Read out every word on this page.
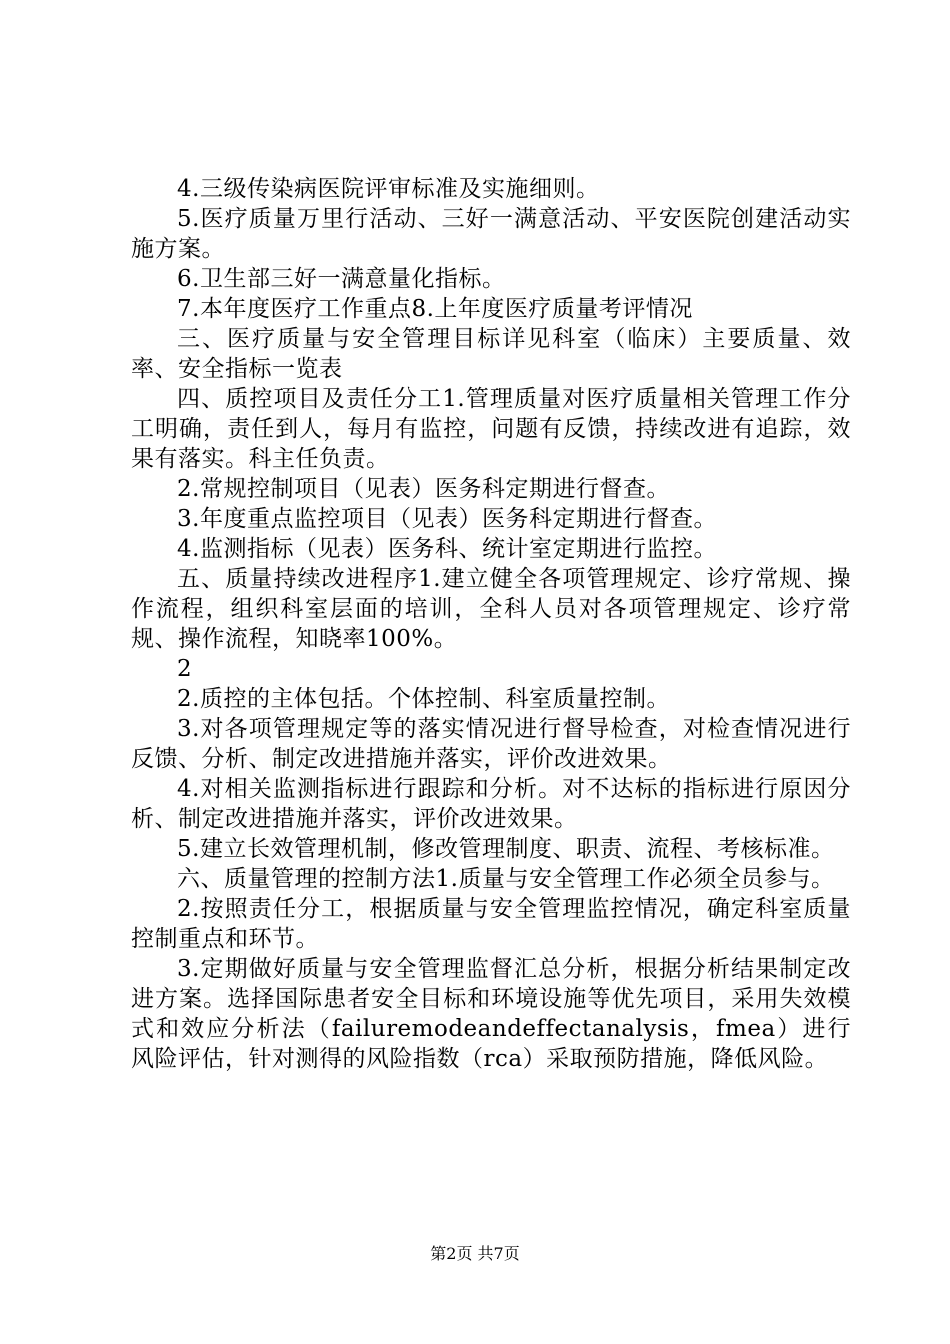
4.三级传染病医院评审标准及实施细则。

5.医疗质量万里行活动、三好一满意活动、平安医院创建活动实施方案。

6.卫生部三好一满意量化指标。

7.本年度医疗工作重点8.上年度医疗质量考评情况

三、医疗质量与安全管理目标详见科室（临床）主要质量、效率、安全指标一览表

四、质控项目及责任分工1.管理质量对医疗质量相关管理工作分工明确，责任到人，每月有监控，问题有反馈，持续改进有追踪，效果有落实。科主任负责。

2.常规控制项目（见表）医务科定期进行督查。

3.年度重点监控项目（见表）医务科定期进行督查。

4.监测指标（见表）医务科、统计室定期进行监控。

五、质量持续改进程序1.建立健全各项管理规定、诊疗常规、操作流程，组织科室层面的培训，全科人员对各项管理规定、诊疗常规、操作流程，知晓率100%。

2

2.质控的主体包括。个体控制、科室质量控制。

3.对各项管理规定等的落实情况进行督导检查，对检查情况进行反馈、分析、制定改进措施并落实，评价改进效果。

4.对相关监测指标进行跟踪和分析。对不达标的指标进行原因分析、制定改进措施并落实，评价改进效果。

5.建立长效管理机制，修改管理制度、职责、流程、考核标准。

六、质量管理的控制方法1.质量与安全管理工作必须全员参与。

2.按照责任分工，根据质量与安全管理监控情况，确定科室质量控制重点和环节。

3.定期做好质量与安全管理监督汇总分析，根据分析结果制定改进方案。选择国际患者安全目标和环境设施等优先项目，采用失效模式和效应分析法（failuremodeandeffectanalysis，fmea）进行风险评估，针对测得的风险指数（rca）采取预防措施，降低风险。

第2页 共7页
